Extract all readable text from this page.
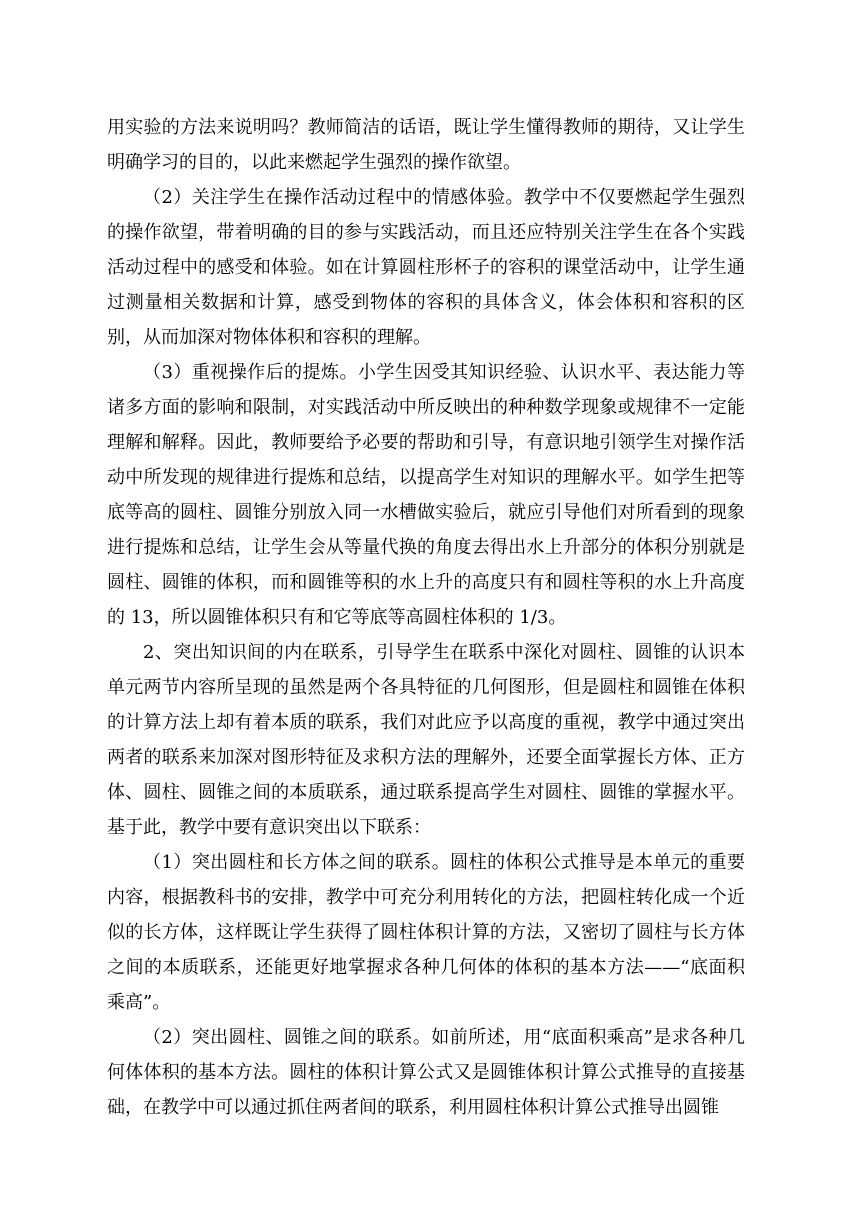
用实验的方法来说明吗？教师简洁的话语，既让学生懂得教师的期待，又让学生明确学习的目的，以此来燃起学生强烈的操作欲望。

（2）关注学生在操作活动过程中的情感体验。教学中不仅要燃起学生强烈的操作欲望，带着明确的目的参与实践活动，而且还应特别关注学生在各个实践活动过程中的感受和体验。如在计算圆柱形杯子的容积的课堂活动中，让学生通过测量相关数据和计算，感受到物体的容积的具体含义，体会体积和容积的区别，从而加深对物体体积和容积的理解。

（3）重视操作后的提炼。小学生因受其知识经验、认识水平、表达能力等诸多方面的影响和限制，对实践活动中所反映出的种种数学现象或规律不一定能理解和解释。因此，教师要给予必要的帮助和引导，有意识地引领学生对操作活动中所发现的规律进行提炼和总结，以提高学生对知识的理解水平。如学生把等底等高的圆柱、圆锥分别放入同一水槽做实验后，就应引导他们对所看到的现象进行提炼和总结，让学生会从等量代换的角度去得出水上升部分的体积分别就是圆柱、圆锥的体积，而和圆锥等积的水上升的高度只有和圆柱等积的水上升高度的 13，所以圆锥体积只有和它等底等高圆柱体积的 1/3。

2、突出知识间的内在联系，引导学生在联系中深化对圆柱、圆锥的认识本单元两节内容所呈现的虽然是两个各具特征的几何图形，但是圆柱和圆锥在体积的计算方法上却有着本质的联系，我们对此应予以高度的重视，教学中通过突出两者的联系来加深对图形特征及求积方法的理解外，还要全面掌握长方体、正方体、圆柱、圆锥之间的本质联系，通过联系提高学生对圆柱、圆锥的掌握水平。基于此，教学中要有意识突出以下联系：

（1）突出圆柱和长方体之间的联系。圆柱的体积公式推导是本单元的重要内容，根据教科书的安排，教学中可充分利用转化的方法，把圆柱转化成一个近似的长方体，这样既让学生获得了圆柱体积计算的方法，又密切了圆柱与长方体之间的本质联系，还能更好地掌握求各种几何体的体积的基本方法——“底面积乘高”。

（2）突出圆柱、圆锥之间的联系。如前所述，用“底面积乘高”是求各种几何体体积的基本方法。圆柱的体积计算公式又是圆锥体积计算公式推导的直接基础，在教学中可以通过抓住两者间的联系，利用圆柱体积计算公式推导出圆锥
